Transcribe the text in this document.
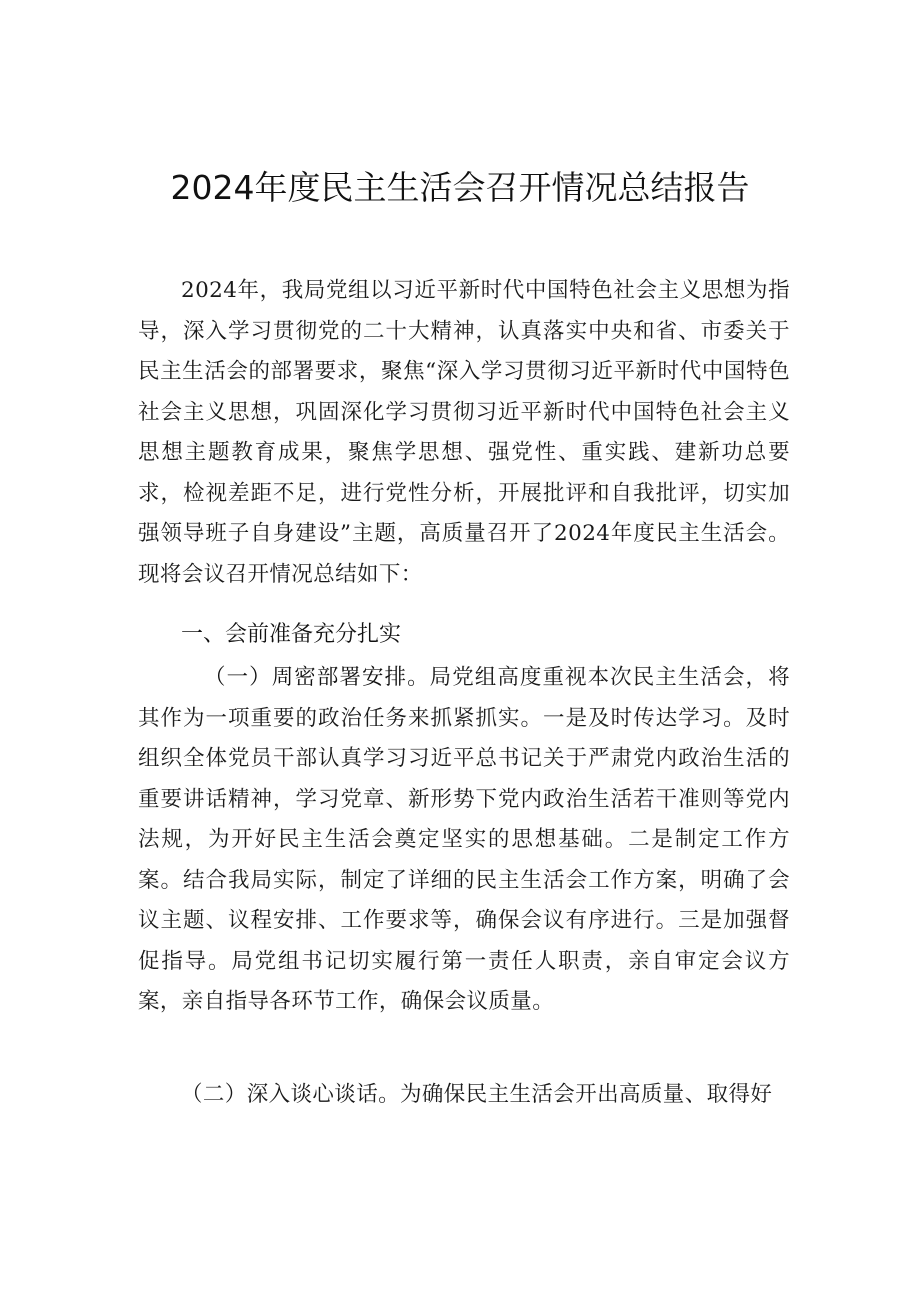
2024年度民主生活会召开情况总结报告

2024年，我局党组以习近平新时代中国特色社会主义思想为指导，深入学习贯彻党的二十大精神，认真落实中央和省、市委关于民主生活会的部署要求，聚焦“深入学习贯彻习近平新时代中国特色社会主义思想，巩固深化学习贯彻习近平新时代中国特色社会主义思想主题教育成果，聚焦学思想、强党性、重实践、建新功总要求，检视差距不足，进行党性分析，开展批评和自我批评，切实加强领导班子自身建设”主题，高质量召开了2024年度民主生活会。现将会议召开情况总结如下：

一、会前准备充分扎实

（一）周密部署安排。局党组高度重视本次民主生活会，将其作为一项重要的政治任务来抓紧抓实。一是及时传达学习。及时组织全体党员干部认真学习习近平总书记关于严肃党内政治生活的重要讲话精神，学习党章、新形势下党内政治生活若干准则等党内法规，为开好民主生活会奠定坚实的思想基础。二是制定工作方案。结合我局实际，制定了详细的民主生活会工作方案，明确了会议主题、议程安排、工作要求等，确保会议有序进行。三是加强督促指导。局党组书记切实履行第一责任人职责，亲自审定会议方案，亲自指导各环节工作，确保会议质量。

（二）深入谈心谈话。为确保民主生活会开出高质量、取得好
